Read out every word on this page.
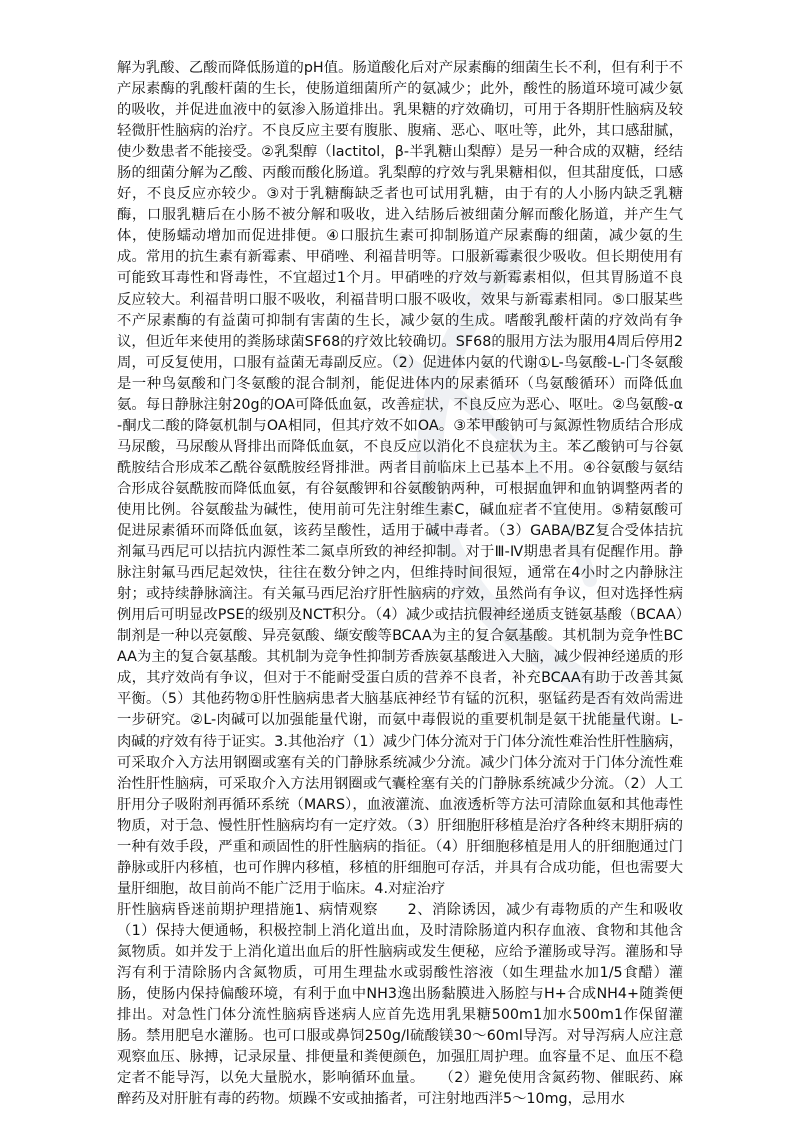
解为乳酸、乙酸而降低肠道的pH值。肠道酸化后对产尿素酶的细菌生长不利，但有利于不产尿素酶的乳酸杆菌的生长，使肠道细菌所产的氨减少；此外，酸性的肠道环境可减少氨的吸收，并促进血液中的氨渗入肠道排出。乳果糖的疗效确切，可用于各期肝性脑病及较轻微肝性脑病的治疗。不良反应主要有腹胀、腹痛、恶心、呕吐等，此外，其口感甜腻，使少数患者不能接受。②乳梨醇（lactitol，β-半乳糖山梨醇）是另一种合成的双糖，经结肠的细菌分解为乙酸、丙酸而酸化肠道。乳梨醇的疗效与乳果糖相似，但其甜度低，口感好，不良反应亦较少。③对于乳糖酶缺乏者也可试用乳糖，由于有的人小肠内缺乏乳糖酶，口服乳糖后在小肠不被分解和吸收，进入结肠后被细菌分解而酸化肠道，并产生气体，使肠蠕动增加而促进排便。④口服抗生素可抑制肠道产尿素酶的细菌，减少氨的生成。常用的抗生素有新霉素、甲硝唑、利福昔明等。口服新霉素很少吸收。但长期使用有可能致耳毒性和肾毒性，不宜超过1个月。甲硝唑的疗效与新霉素相似，但其胃肠道不良反应较大。利福昔明口服不吸收，利福昔明口服不吸收，效果与新霉素相同。⑤口服某些不产尿素酶的有益菌可抑制有害菌的生长，减少氨的生成。嗜酸乳酸杆菌的疗效尚有争议，但近年来使用的粪肠球菌SF68的疗效比较确切。SF68的服用方法为服用4周后停用2周，可反复使用，口服有益菌无毒副反应。（2）促进体内氨的代谢①L-鸟氨酸-L-门冬氨酸是一种鸟氨酸和门冬氨酸的混合制剂，能促进体内的尿素循环（鸟氨酸循环）而降低血氨。每日静脉注射20g的OA可降低血氨，改善症状，不良反应为恶心、呕吐。②鸟氨酸-α-酮戊二酸的降氨机制与OA相同，但其疗效不如OA。③苯甲酸钠可与氮源性物质结合形成马尿酸，马尿酸从肾排出而降低血氨，不良反应以消化不良症状为主。苯乙酸钠可与谷氨酰胺结合形成苯乙酰谷氨酰胺经肾排泄。两者目前临床上已基本上不用。④谷氨酸与氨结合形成谷氨酰胺而降低血氨，有谷氨酸钾和谷氨酸钠两种，可根据血钾和血钠调整两者的使用比例。谷氨酸盐为碱性，使用前可先注射维生素C，碱血症者不宜使用。⑤精氨酸可促进尿素循环而降低血氨，该药呈酸性，适用于碱中毒者。（3）GABA/BZ复合受体拮抗剂氟马西尼可以拮抗内源性苯二氮卓所致的神经抑制。对于Ⅲ-Ⅳ期患者具有促醒作用。静脉注射氟马西尼起效快，往往在数分钟之内，但维持时间很短，通常在4小时之内静脉注射；或持续静脉滴注。有关氟马西尼治疗肝性脑病的疗效，虽然尚有争议，但对选择性病例用后可明显改PSE的级别及NCT积分。（4）减少或拮抗假神经递质支链氨基酸（BCAA）制剂是一种以亮氨酸、异亮氨酸、缬安酸等BCAA为主的复合氨基酸。其机制为竞争性BCAA为主的复合氨基酸。其机制为竞争性抑制芳香族氨基酸进入大脑，减少假神经递质的形成，其疗效尚有争议，但对于不能耐受蛋白质的营养不良者，补充BCAA有助于改善其氮平衡。（5）其他药物①肝性脑病患者大脑基底神经节有锰的沉积，驱锰药是否有效尚需进一步研究。②L-肉碱可以加强能量代谢，而氨中毒假说的重要机制是氨干扰能量代谢。L-肉碱的疗效有待于证实。3.其他治疗（1）减少门体分流对于门体分流性难治性肝性脑病，可采取介入方法用钢圈或塞有关的门静脉系统减少分流。减少门体分流对于门体分流性难治性肝性脑病，可采取介入方法用钢圈或气囊栓塞有关的门静脉系统减少分流。（2）人工肝用分子吸附剂再循环系统（MARS），血液灌流、血液透析等方法可清除血氨和其他毒性物质，对于急、慢性肝性脑病均有一定疗效。（3）肝细胞肝移植是治疗各种终末期肝病的一种有效手段，严重和顽固性的肝性脑病的指征。（4）肝细胞移植是用人的肝细胞通过门静脉或肝内移植，也可作脾内移植，移植的肝细胞可存活，并具有合成功能，但也需要大量肝细胞，故目前尚不能广泛用于临床。4.对症治疗

肝性脑病昏迷前期护理措施1、病情观察　　2、消除诱因，减少有毒物质的产生和吸收　（1）保持大便通畅，积极控制上消化道出血，及时清除肠道内积存血液、食物和其他含氮物质。如并发于上消化道出血后的肝性脑病或发生便秘，应给予灌肠或导泻。灌肠和导泻有利于清除肠内含氮物质，可用生理盐水或弱酸性溶液（如生理盐水加1/5食醋）灌肠，使肠内保持偏酸环境，有利于血中NH3逸出肠黏膜进入肠腔与H+合成NH4+随粪便排出。对急性门体分流性脑病昏迷病人应首先选用乳果糖500m1加水500m1作保留灌肠。禁用肥皂水灌肠。也可口服或鼻饲250g/l硫酸镁30～60ml导泻。对导泻病人应注意观察血压、脉搏，记录尿量、排便量和粪便颜色，加强肛周护理。血容量不足、血压不稳定者不能导泻，以免大量脱水，影响循环血量。　　（2）避免使用含氮药物、催眠药、麻醉药及对肝脏有毒的药物。烦躁不安或抽搐者，可注射地西泮5～10mg，忌用水
